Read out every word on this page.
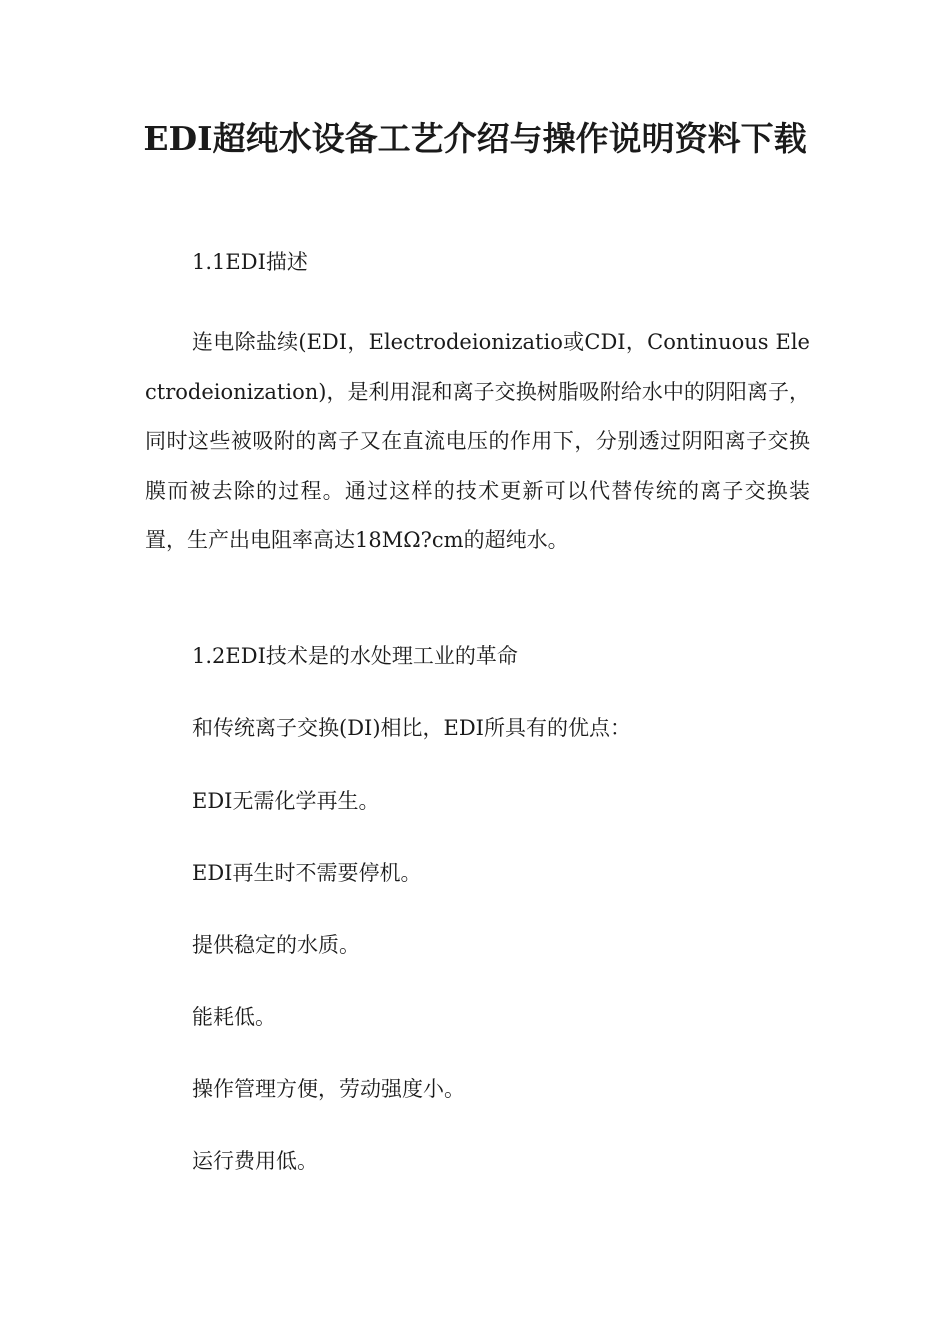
EDI超纯水设备工艺介绍与操作说明资料下载

1.1EDI描述

连电除盐续(EDI，Electrodeionizatio或CDI，Continuous Electrodeionization)，是利用混和离子交换树脂吸附给水中的阴阳离子，同时这些被吸附的离子又在直流电压的作用下，分别透过阴阳离子交换膜而被去除的过程。通过这样的技术更新可以代替传统的离子交换装置，生产出电阻率高达18MΩ?cm的超纯水。

1.2EDI技术是的水处理工业的革命

和传统离子交换(DI)相比，EDI所具有的优点：

EDI无需化学再生。

EDI再生时不需要停机。

提供稳定的水质。

能耗低。

操作管理方便，劳动强度小。

运行费用低。
